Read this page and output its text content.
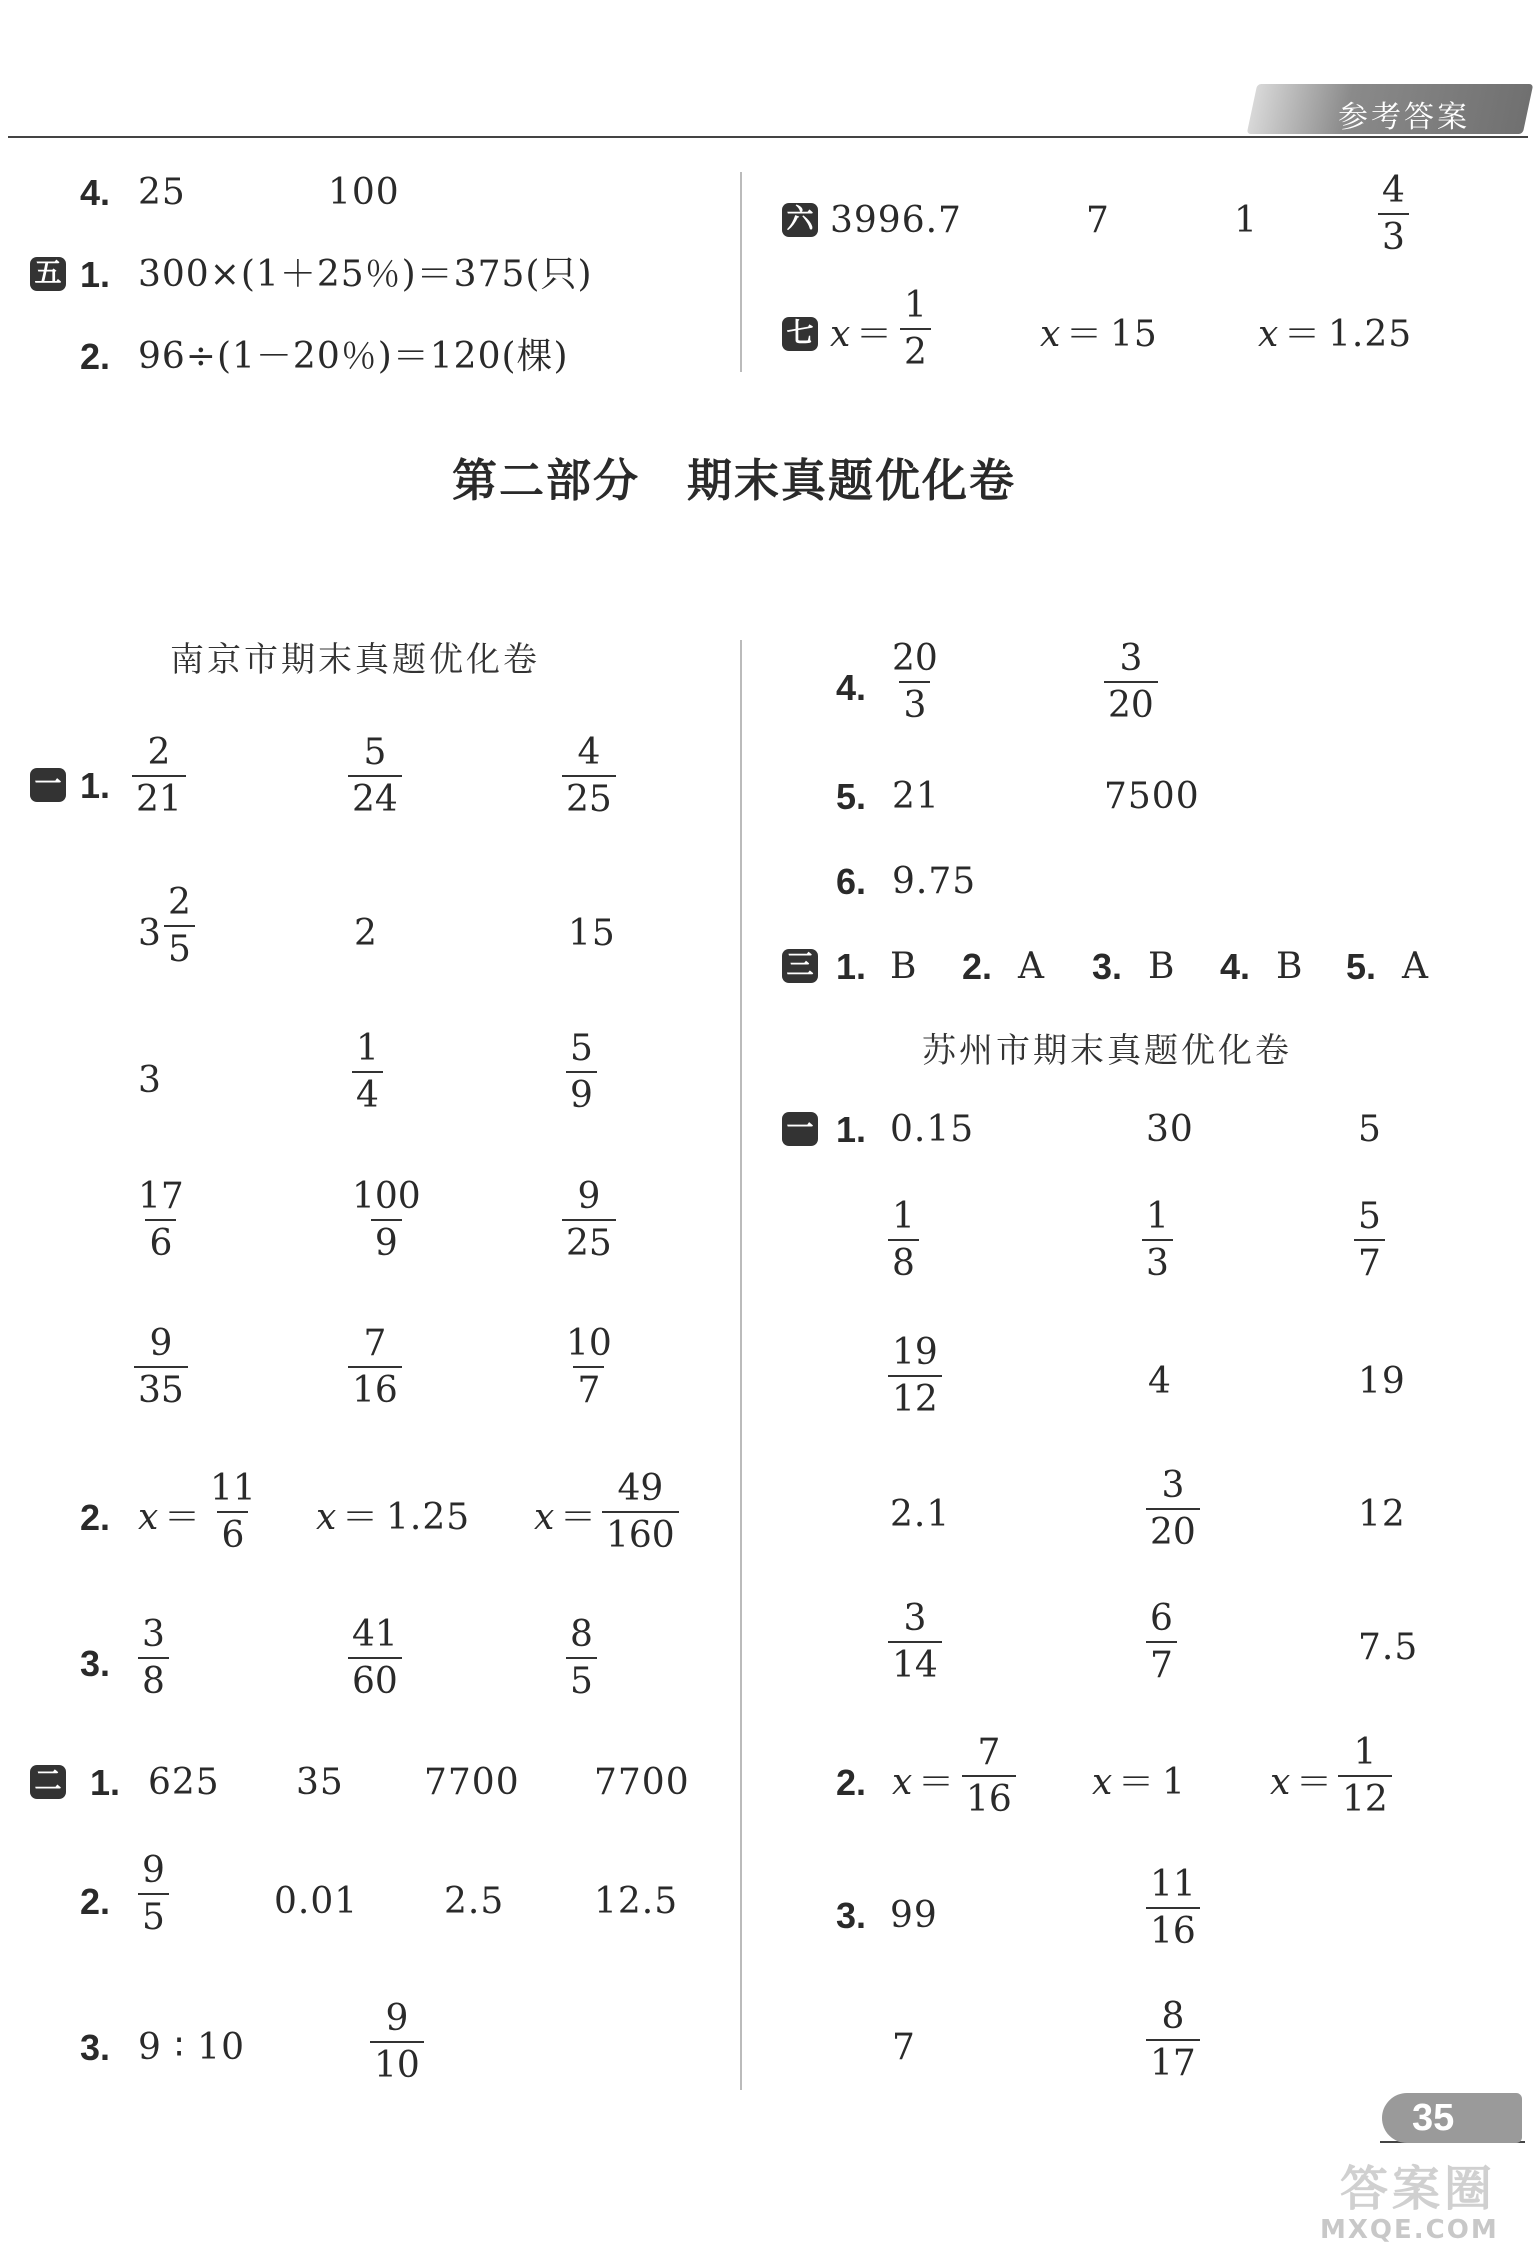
参考答案
4. 25	100
五 1. 300×(1＋25％)＝375(只)
2. 96÷(1－20％)＝120(棵)
六 3996.7	7	1	$\frac{4}{3}$
七 $x = \frac{1}{2}$	x ＝ 15	x ＝ 1.25
第二部分　期末真题优化卷
南京市期末真题优化卷
一 1. $\frac{2}{21}$	$\frac{5}{24}$	$\frac{4}{25}$
$3 \frac{2}{5}$	2	15
3	$\frac{1}{4}$	$\frac{5}{9}$
$\frac{17}{6}$	$\frac{100}{9}$	$\frac{9}{25}$
$\frac{9}{35}$	$\frac{7}{16}$	$\frac{10}{7}$
2. $x = \frac{11}{6}$ x ＝ 1.25 $x = \frac{49}{160}$
3. $\frac{3}{8}$	$\frac{41}{60}$	$\frac{8}{5}$
二 1. 625 35 7700 7700
2. $\frac{9}{5}$	0.01 2.5 12.5
3. 9 ∶ 10	$\frac{9}{10}$
4. $\frac{20}{3}$	$\frac{3}{20}$
5. 21	7500
6. 9.75
三 1. B 2. A 3. B 4. B 5. A
苏州市期末真题优化卷
一 1. 0.15	30	5
$\frac{1}{8}$	$\frac{1}{3}$	$\frac{5}{7}$
$\frac{19}{12}$	4	19
2.1	$\frac{3}{20}$	12
$\frac{3}{14}$	$\frac{6}{7}$	7.5
2. $x = \frac{7}{16}$ x ＝ 1 $x = \frac{1}{12}$
3. 99	$\frac{11}{16}$
7	$\frac{8}{17}$
35
答案圈
MXQE.COM
